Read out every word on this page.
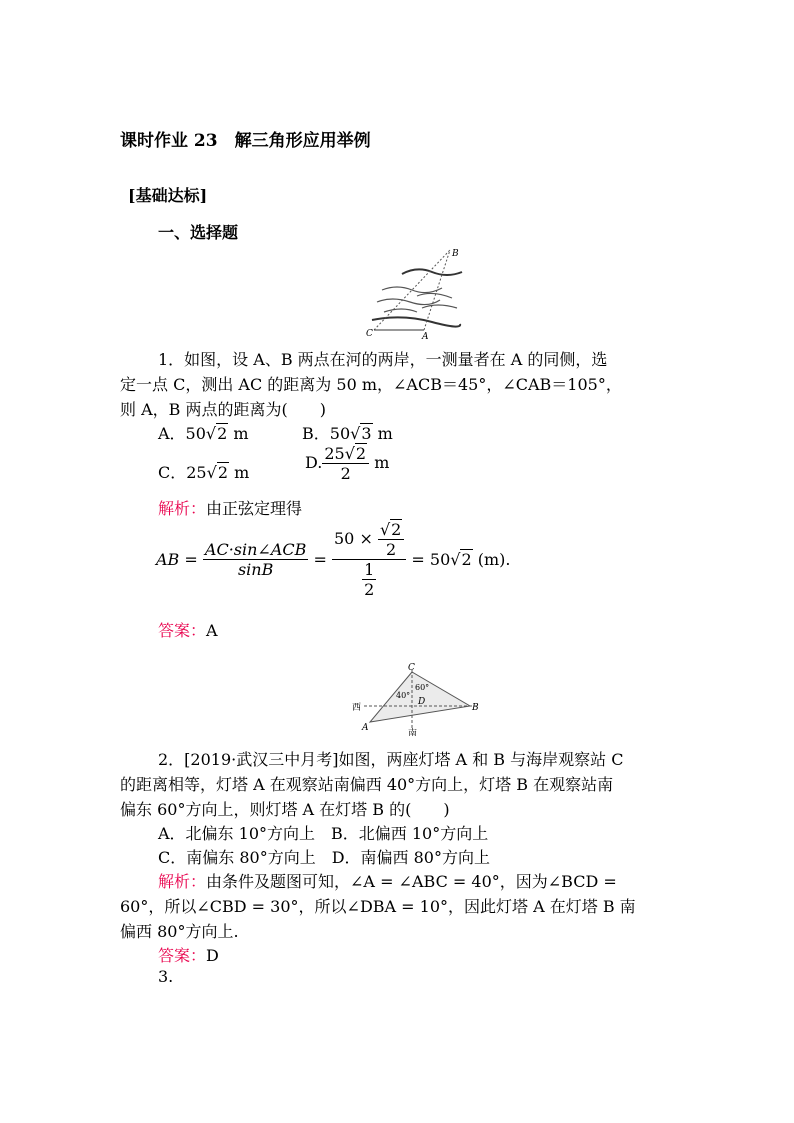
课时作业 23　解三角形应用举例
[基础达标]
一、选择题
B
C	A
1．如图，设 A、B 两点在河的两岸，一测量者在 A 的同侧，选
定一点 C，测出 AC 的距离为 50 m，∠ACB＝45°，∠CAB＝105°，
则 A，B 两点的距离为(　　)
A．50√2 m	B．50√3 m
C．25√2 m
D. $\frac{25√2}{2}$ m
解析：由正弦定理得
AB = $\frac{\text{AC·sin∠ACB}}{\sin B} = \frac{50 \times \frac{√2}{2}}{\frac{1}{2}} = 50√2$ (m).
答案：A
C
60°
40°
D
西
A
B
南
2．[2019·武汉三中月考]如图，两座灯塔 A 和 B 与海岸观察站 C
的距离相等，灯塔 A 在观察站南偏西 40°方向上，灯塔 B 在观察站南
偏东 60°方向上，则灯塔 A 在灯塔 B 的(　　)
A．北偏东 10°方向上　B．北偏西 10°方向上
C．南偏东 80°方向上　D．南偏西 80°方向上
解析：由条件及题图可知，∠A = ∠ABC = 40°，因为∠BCD =
60°，所以∠CBD = 30°，所以∠DBA = 10°，因此灯塔 A 在灯塔 B 南
偏西 80°方向上.
答案：D
3.
